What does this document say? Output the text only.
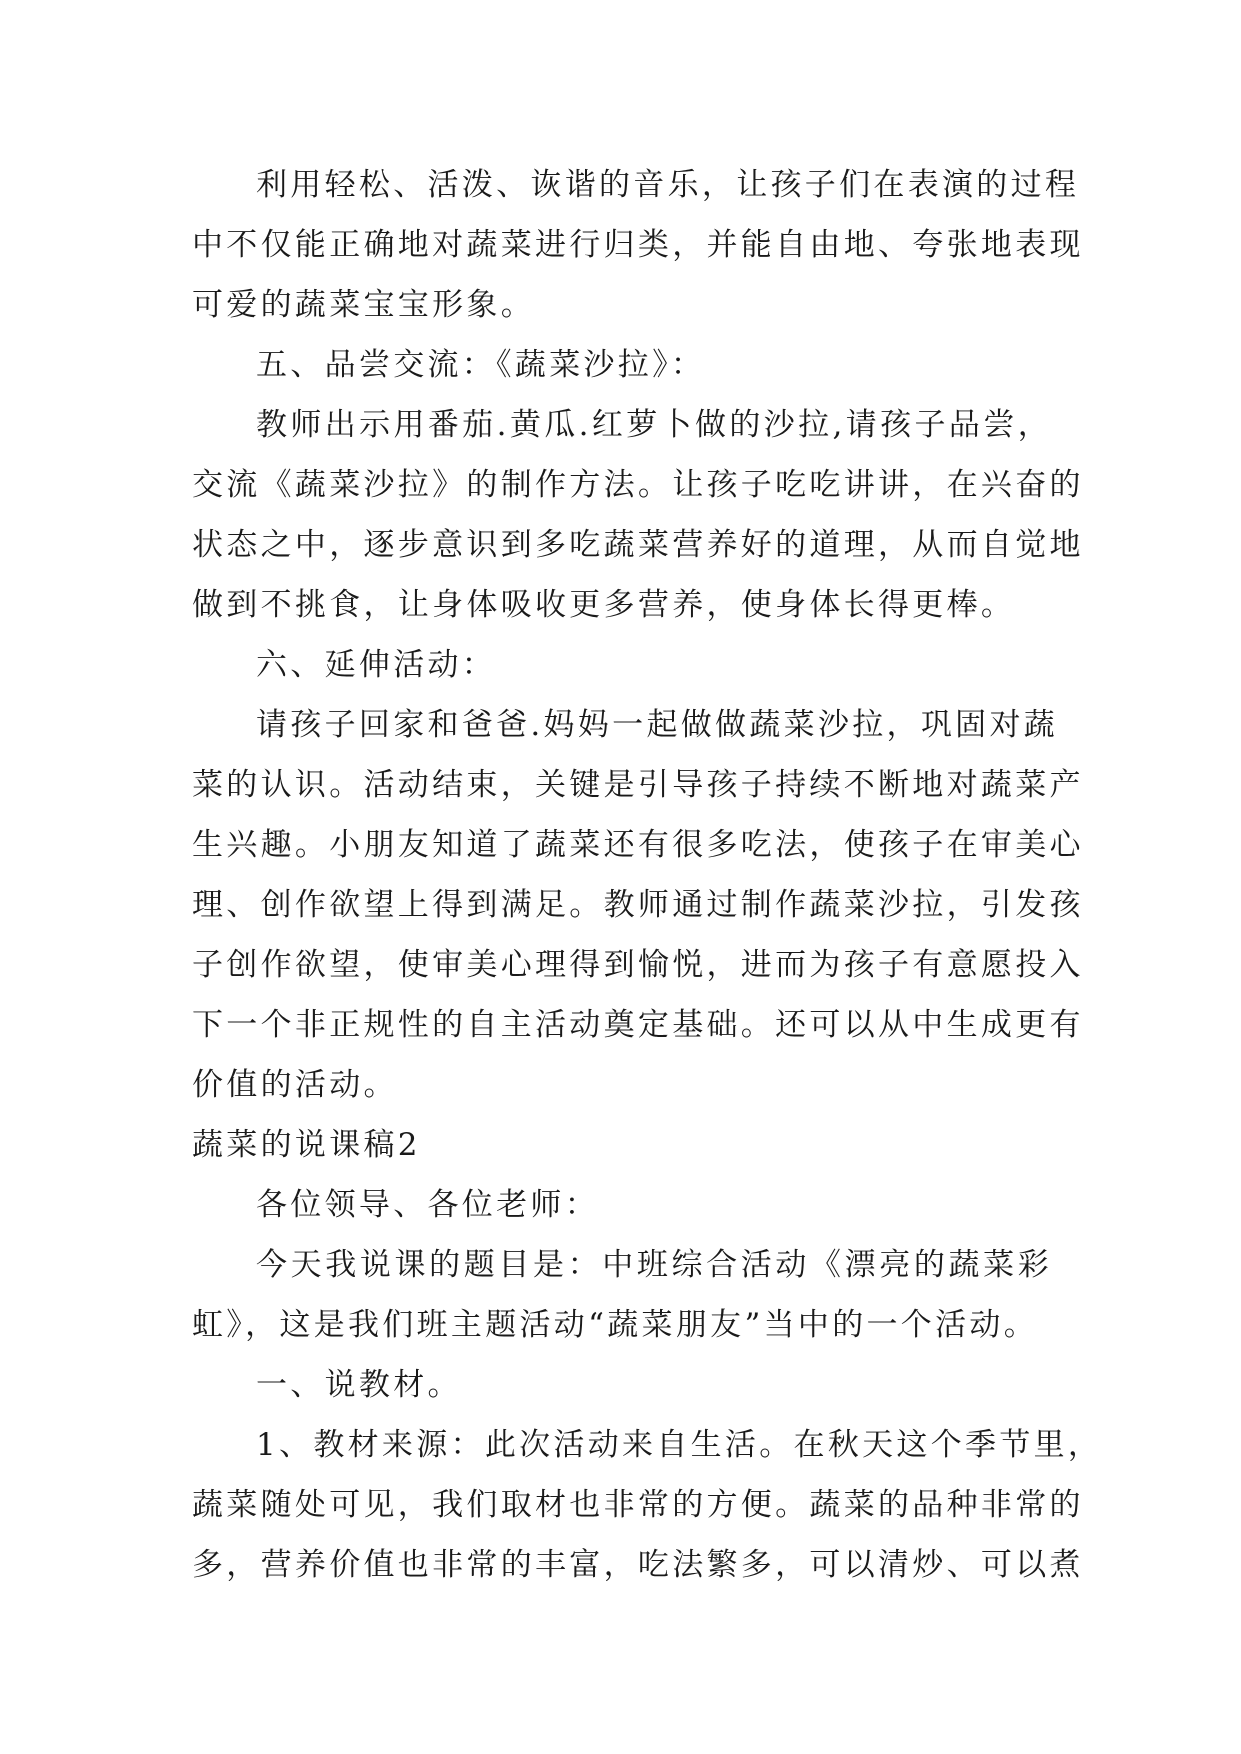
利用轻松、活泼、诙谐的音乐，让孩子们在表演的过程
中不仅能正确地对蔬菜进行归类，并能自由地、夸张地表现
可爱的蔬菜宝宝形象。
五、品尝交流：《蔬菜沙拉》：
教师出示用番茄.黄瓜.红萝卜做的沙拉,请孩子品尝，
交流《蔬菜沙拉》的制作方法。让孩子吃吃讲讲，在兴奋的
状态之中，逐步意识到多吃蔬菜营养好的道理，从而自觉地
做到不挑食，让身体吸收更多营养，使身体长得更棒。
六、延伸活动：
请孩子回家和爸爸.妈妈一起做做蔬菜沙拉，巩固对蔬
菜的认识。活动结束，关键是引导孩子持续不断地对蔬菜产
生兴趣。小朋友知道了蔬菜还有很多吃法，使孩子在审美心
理、创作欲望上得到满足。教师通过制作蔬菜沙拉，引发孩
子创作欲望，使审美心理得到愉悦，进而为孩子有意愿投入
下一个非正规性的自主活动奠定基础。还可以从中生成更有
价值的活动。
蔬菜的说课稿2
各位领导、各位老师：
今天我说课的题目是：中班综合活动《漂亮的蔬菜彩
虹》，这是我们班主题活动“蔬菜朋友”当中的一个活动。
一、说教材。
1、教材来源：此次活动来自生活。在秋天这个季节里，
蔬菜随处可见，我们取材也非常的方便。蔬菜的品种非常的
多，营养价值也非常的丰富，吃法繁多，可以清炒、可以煮
